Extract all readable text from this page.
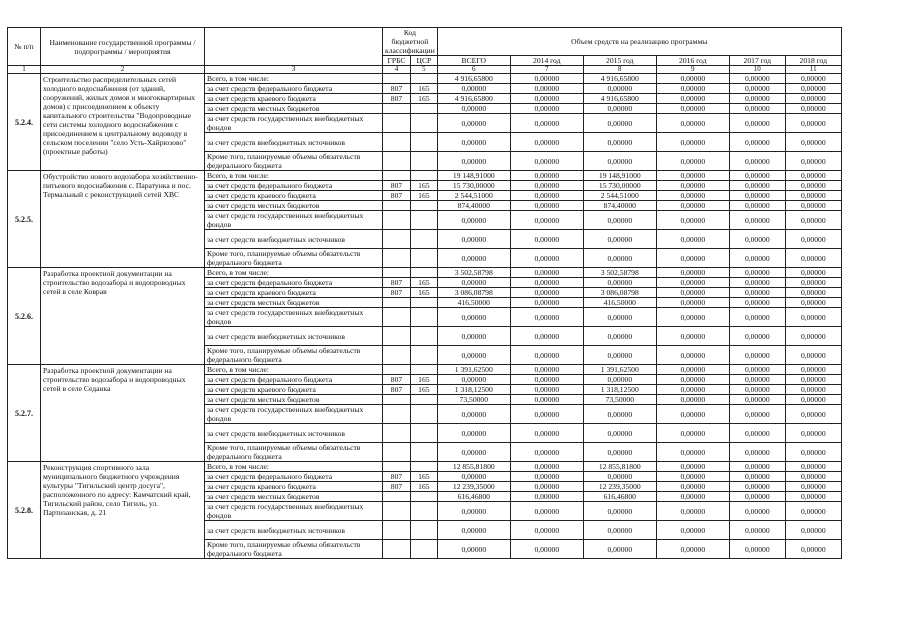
№ п/п	Наименование государственной программы / подпрограммы / мероприятия		Код бюджетной классификации		Объем средств на реализацию программы					

			ГРБС	ЦСР	ВСЕГО	2014 год	2015 год	2016 год	2017 год	2018 год
1	2	3	4	5	6	7	8	9	10	11
5.2.4.	Строительство распределительных сетей холодного водоснабжения (от зданий, сооружений, жилых домов и многоквартирных домов) с присоединением к объекту капитального строительства "Водопроводные сети системы холодного водоснабжения с присоединением к центральному водоводу в сельском поселении "село Усть-Хайрюзово" (проектные работы)	Всего, в том числе:			4 916,65800	0,00000	4 916,65800	0,00000	0,00000	0,00000
		за счет средств федерального бюджета	807	165	0,00000	0,00000	0,00000	0,00000	0,00000	0,00000
		за счет средств краевого бюджета	807	165	4 916,65800	0,00000	4 916,65800	0,00000	0,00000	0,00000
		за счет средств местных бюджетов			0,00000	0,00000	0,00000	0,00000	0,00000	0,00000
		за счет средств государственных внебюджетных фондов			0,00000	0,00000	0,00000	0,00000	0,00000	0,00000
		за счет средств внебюджетных источников			0,00000	0,00000	0,00000	0,00000	0,00000	0,00000
		Кроме того, планируемые объемы обязательств федерального бюджета			0,00000	0,00000	0,00000	0,00000	0,00000	0,00000
5.2.5.	Обустройство нового водозабора хозяйственно-питьевого водоснабжения с. Паратунка и пос. Термальный с реконструкцией сетей ХВС	Всего, в том числе:			19 148,91000	0,00000	19 148,91000	0,00000	0,00000	0,00000
		за счет средств федерального бюджета	807	165	15 730,00000	0,00000	15 730,00000	0,00000	0,00000	0,00000
		за счет средств краевого бюджета	807	165	2 544,51000	0,00000	2 544,51000	0,00000	0,00000	0,00000
		за счет средств местных бюджетов			874,40000	0,00000	874,40000	0,00000	0,00000	0,00000
		за счет средств государственных внебюджетных фондов			0,00000	0,00000	0,00000	0,00000	0,00000	0,00000
		за счет средств внебюджетных источников			0,00000	0,00000	0,00000	0,00000	0,00000	0,00000
		Кроме того, планируемые объемы обязательств федерального бюджета			0,00000	0,00000	0,00000	0,00000	0,00000	0,00000
5.2.6.	Разработка проектной документации на строительство водозабора и водопроводных сетей в селе Коврав	Всего, в том числе:			3 502,58798	0,00000	3 502,58798	0,00000	0,00000	0,00000
		за счет средств федерального бюджета	807	165	0,00000	0,00000	0,00000	0,00000	0,00000	0,00000
		за счет средств краевого бюджета	807	165	3 086,08798	0,00000	3 086,08798	0,00000	0,00000	0,00000
		за счет средств местных бюджетов			416,50000	0,00000	416,50000	0,00000	0,00000	0,00000
		за счет средств государственных внебюджетных фондов			0,00000	0,00000	0,00000	0,00000	0,00000	0,00000
		за счет средств внебюджетных источников			0,00000	0,00000	0,00000	0,00000	0,00000	0,00000
		Кроме того, планируемые объемы обязательств федерального бюджета			0,00000	0,00000	0,00000	0,00000	0,00000	0,00000
5.2.7.	Разработка проектной документации на строительство водозабора и водопроводных сетей в селе Седанка	Всего, в том числе:			1 391,62500	0,00000	1 391,62500	0,00000	0,00000	0,00000
		за счет средств федерального бюджета	807	165	0,00000	0,00000	0,00000	0,00000	0,00000	0,00000
		за счет средств краевого бюджета	807	165	1 318,12500	0,00000	1 318,12500	0,00000	0,00000	0,00000
		за счет средств местных бюджетов			73,50000	0,00000	73,50000	0,00000	0,00000	0,00000
		за счет средств государственных внебюджетных фондов			0,00000	0,00000	0,00000	0,00000	0,00000	0,00000
		за счет средств внебюджетных источников			0,00000	0,00000	0,00000	0,00000	0,00000	0,00000
		Кроме того, планируемые объемы обязательств федерального бюджета			0,00000	0,00000	0,00000	0,00000	0,00000	0,00000
5.2.8.	Реконструкция спортивного зала муниципального бюджетного учреждения культуры "Тигильский центр досуга", расположенного по адресу: Камчатский край, Тигильский район, село Тигиль, ул. Партизанская, д. 21	Всего, в том числе:			12 855,81800	0,00000	12 855,81800	0,00000	0,00000	0,00000
		за счет средств федерального бюджета	807	165	0,00000	0,00000	0,00000	0,00000	0,00000	0,00000
		за счет средств краевого бюджета	807	165	12 239,35000	0,00000	12 239,35000	0,00000	0,00000	0,00000
		за счет средств местных бюджетов			616,46800	0,00000	616,46800	0,00000	0,00000	0,00000
		за счет средств государственных внебюджетных фондов			0,00000	0,00000	0,00000	0,00000	0,00000	0,00000
		за счет средств внебюджетных источников			0,00000	0,00000	0,00000	0,00000	0,00000	0,00000
		Кроме того, планируемые объемы обязательств федерального бюджета			0,00000	0,00000	0,00000	0,00000	0,00000	0,00000
